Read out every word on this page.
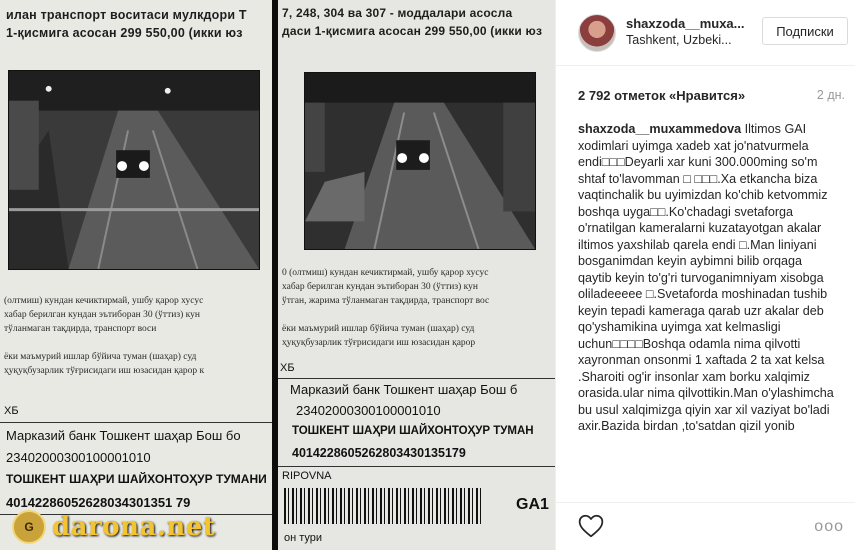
илан транспорт воситаси мулкдори Т
1-қисмига асосан 299 550,00 (икки юз
(олтмиш) кундан кечиктирмай, ушбу қарор хусус
хабар берилган кундан эътиборан 30 (ўттиз) кун
тўланмаган тақдирда, транспорт воси
ёки маъмурий ишлар бўйича туман (шаҳар) суд
ҳуқуқбузарлик тўғрисидаги иш юзасидан қарор к
ХБ
Марказий банк Тошкент шаҳар Бош бо
23402000300100001010
ТОШКЕНТ ШАҲРИ ШАЙХОНТОҲУР ТУМАНИ
40142286052628034301351 79
7, 248, 304 ва 307 - моддалари асосла
даси 1-қисмига асосан 299 550,00 (икки юз
0 (олтмиш) кундан кечиктирмай, ушбу қарор хусус
хабар берилган кундан эътиборан 30 (ўттиз) кун
ўтган, жарима тўланмаган тақдирда, транспорт вос
ёки маъмурий ишлар бўйича туман (шаҳар) суд
ҳуқуқбузарлик тўғрисидаги иш юзасидан қарор
ХБ
Марказий банк Тошкент шаҳар Бош б
23402000300100001010
ТОШКЕНТ ШАҲРИ ШАЙХОНТОҲУР ТУМАН
4014228605262803430135179
RIPOVNA
GA1
он тури
G darona.net
shaxzoda__muxa...
Tashkent, Uzbeki...
Подписки
2 792 отметок «Нравится»	2 дн.
shaxzoda__muxammedova Iltimos GAI xodimlari uyimga xadeb xat jo'natvurmela endi□□□Deyarli xar kuni 300.000ming so'm shtaf to'lavomman □ □□□.Xa etkancha biza vaqtinchalik bu uyimizdan ko'chib ketvommiz boshqa uyga□□.Ko'chadagi svetaforga o'rnatilgan kameralarni kuzatayotgan akalar iltimos yaxshilab qarela endi □.Man liniyani bosganimdan keyin aybimni bilib orqaga qaytib keyin to'g'ri turvoganimniyam xisobga oliladeeeee □.Svetaforda moshinadan tushib keyin tepadi kameraga qarab uzr akalar deb qo'yshamikina uyimga xat kelmasligi uchun□□□□Boshqa odamla nima qilvotti xayronman onsonmi 1 xaftada 2 ta xat kelsa .Sharoiti og'ir insonlar xam borku xalqimiz orasida.ular nima qilvottikin.Man o'ylashimcha bu usul xalqimizga qiyin xar xil vaziyat bo'ladi axir.Bazida birdan ,to'satdan qizil yonib
ooo
